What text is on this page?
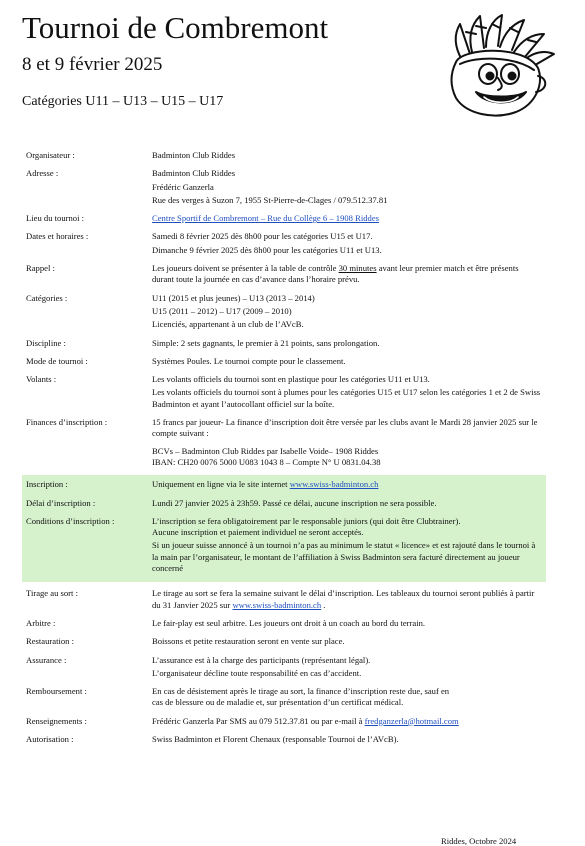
Tournoi de Combremont
8 et 9 février 2025
Catégories U11 – U13 – U15 – U17
Organisateur :	Badminton Club Riddes
Adresse :	Badminton Club Riddes

Frédéric Ganzerla

Rue des verges à Suzon 7, 1955 St-Pierre-de-Clages / 079.512.37.81

Lieu du tournoi :	Centre Sportif de Combremont – Rue du Collège 6 – 1908 Riddes
Dates et horaires :	Samedi 8 février 2025 dès 8h00 pour les catégories U15 et U17.

Dimanche 9 février 2025 dès 8h00 pour les catégories U11 et U13.

Rappel :	Les joueurs doivent se présenter à la table de contrôle 30 minutes avant leur premier match et être présents durant toute la journée en cas d’avance dans l’horaire prévu.
Catégories :	U11 (2015 et plus jeunes) – U13 (2013 – 2014)

U15 (2011 – 2012) – U17 (2009 – 2010)

Licenciés, appartenant à un club de l’AVcB.

Discipline :	Simple: 2 sets gagnants, le premier à 21 points, sans prolongation.
Mode de tournoi :	Systèmes Poules. Le tournoi compte pour le classement.
Volants :	Les volants officiels du tournoi sont en plastique pour les catégories U11 et U13.

Les volants officiels du tournoi sont à plumes pour les catégories U15 et U17 selon les catégories 1 et 2 de Swiss Badminton et ayant l’autocollant officiel sur la boîte.

Finances d’inscription :	15 francs par joueur- La finance d’inscription doit être versée par les clubs avant le Mardi 28 janvier 2025 sur le compte suivant :

BCVs – Badminton Club Riddes par Isabelle Voide– 1908 Riddes

IBAN: CH20 0076 5000 U083 1043 8 – Compte N° U 0831.04.38

Inscription :	Uniquement en ligne via le site internet www.swiss-badminton.ch
Délai d’inscription :	Lundi 27 janvier 2025 à 23h59. Passé ce délai, aucune inscription ne sera possible.
Conditions d’inscription :	L’inscription se fera obligatoirement par le responsable juniors (qui doit être Clubtrainer).

Aucune inscription et paiement individuel ne seront acceptés.

Si un joueur suisse annoncé à un tournoi n’a pas au minimum le statut « licence» et est rajouté dans le tournoi à la main par l’organisateur, le montant de l’affiliation à Swiss Badminton sera facturé directement au joueur concerné

Tirage au sort :	Le tirage au sort se fera la semaine suivant le délai d’inscription. Les tableaux du tournoi seront publiés à partir du 31 Janvier 2025 sur www.swiss-badminton.ch .
Arbitre :	Le fair-play est seul arbitre. Les joueurs ont droit à un coach au bord du terrain.
Restauration :	Boissons et petite restauration seront en vente sur place.
Assurance :	L’assurance est à la charge des participants (représentant légal).

L’organisateur décline toute responsabilité en cas d’accident.

Remboursement :	En cas de désistement après le tirage au sort, la finance d’inscription reste due, sauf en

cas de blessure ou de maladie et, sur présentation d’un certificat médical.

Renseignements :	Frédéric Ganzerla Par SMS au 079 512.37.81 ou par e-mail à fredganzerla@hotmail.com
Autorisation :	Swiss Badminton et Florent Chenaux (responsable Tournoi de l’AVcB).
Riddes, Octobre 2024
